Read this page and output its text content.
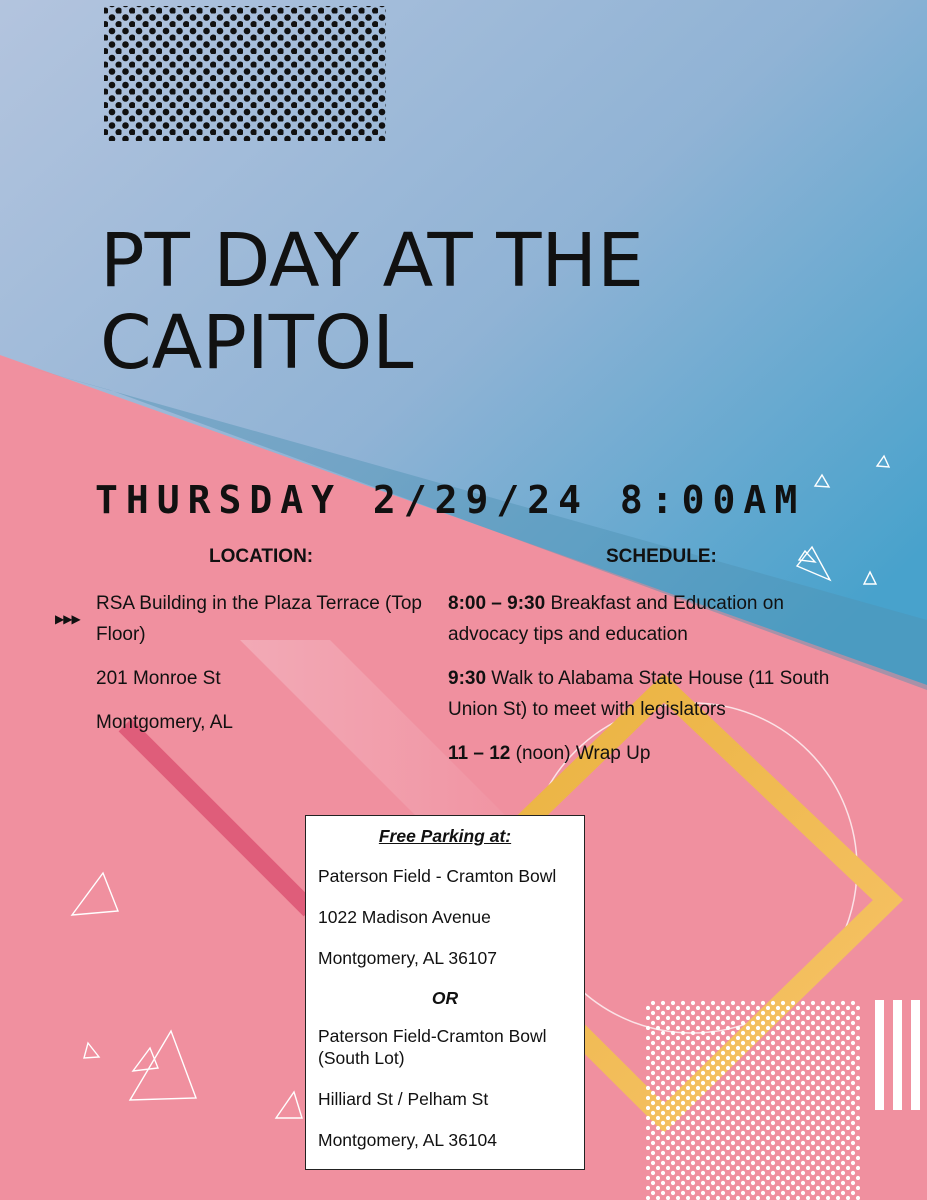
PT DAY AT THE
CAPITOL
THURSDAY 2/29/24 8:00AM
LOCATION:	SCHEDULE:
▶▶▶

RSA Building in the Plaza Terrace (Top Floor)

201 Monroe St

Montgomery, AL

8:00 – 9:30 Breakfast and Education on advocacy tips and education

9:30 Walk to Alabama State House (11 South Union St) to meet with legislators

11 – 12 (noon) Wrap Up

Free Parking at:
Paterson Field - Cramton Bowl
1022 Madison Avenue
Montgomery, AL 36107
OR
Paterson Field-Cramton Bowl (South Lot)
Hilliard St / Pelham St
Montgomery, AL 36104
